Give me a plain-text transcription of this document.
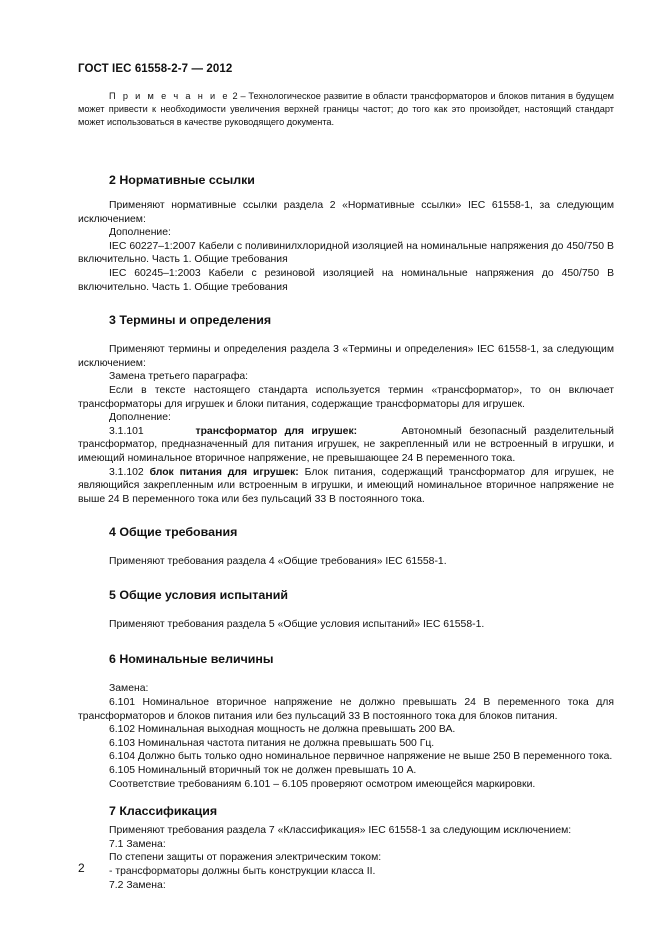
ГОСТ IEC 61558-2-7 — 2012
П р и м е ч а н и е 2 – Технологическое развитие в области трансформаторов и блоков питания в будущем может привести к необходимости увеличения верхней границы частот; до того как это произойдет, настоящий стандарт может использоваться в качестве руководящего документа.
2 Нормативные ссылки

Применяют нормативные ссылки раздела 2 «Нормативные ссылки» IEC 61558-1, за следующим исключением:

Дополнение:

IEC 60227–1:2007 Кабели с поливинилхлоридной изоляцией на номинальные напряжения до 450/750 В включительно. Часть 1. Общие требования

IEC 60245–1:2003 Кабели с резиновой изоляцией на номинальные напряжения до 450/750 В включительно. Часть 1. Общие требования

3 Термины и определения

Применяют термины и определения раздела 3 «Термины и определения» IEC 61558-1, за следующим исключением:

Замена третьего параграфа:

Если в тексте настоящего стандарта используется термин «трансформатор», то он включает трансформаторы для игрушек и блоки питания, содержащие трансформаторы для игрушек.

Дополнение:

3.1.101	трансформатор для игрушек:	Автономный безопасный разделительный трансформатор, предназначенный для питания игрушек, не закрепленный или не встроенный в игрушки, и имеющий номинальное вторичное напряжение, не превышающее 24 В переменного тока.

3.1.102 блок питания для игрушек: Блок питания, содержащий трансформатор для игрушек, не являющийся закрепленным или встроенным в игрушки, и имеющий номинальное вторичное напряжение не выше 24 В переменного тока или без пульсаций 33 В постоянного тока.

4 Общие требования

Применяют требования раздела 4 «Общие требования» IEC 61558-1.

5 Общие условия испытаний

Применяют требования раздела 5 «Общие условия испытаний» IEC 61558-1.

6 Номинальные величины

Замена:

6.101 Номинальное вторичное напряжение не должно превышать 24 В переменного тока для трансформаторов и блоков питания или без пульсаций 33 В постоянного тока для блоков питания.

6.102 Номинальная выходная мощность не должна превышать 200 ВА.

6.103 Номинальная частота питания не должна превышать 500 Гц.

6.104 Должно быть только одно номинальное первичное напряжение не выше 250 В переменного тока.

6.105 Номинальный вторичный ток не должен превышать 10 А.

Соответствие требованиям 6.101 – 6.105 проверяют осмотром имеющейся маркировки.

7 Классификация

Применяют требования раздела 7 «Классификация» IEC 61558-1 за следующим исключением:

7.1 Замена:

По степени защиты от поражения электрическим током:

- трансформаторы должны быть конструкции класса II.

7.2 Замена:

2
